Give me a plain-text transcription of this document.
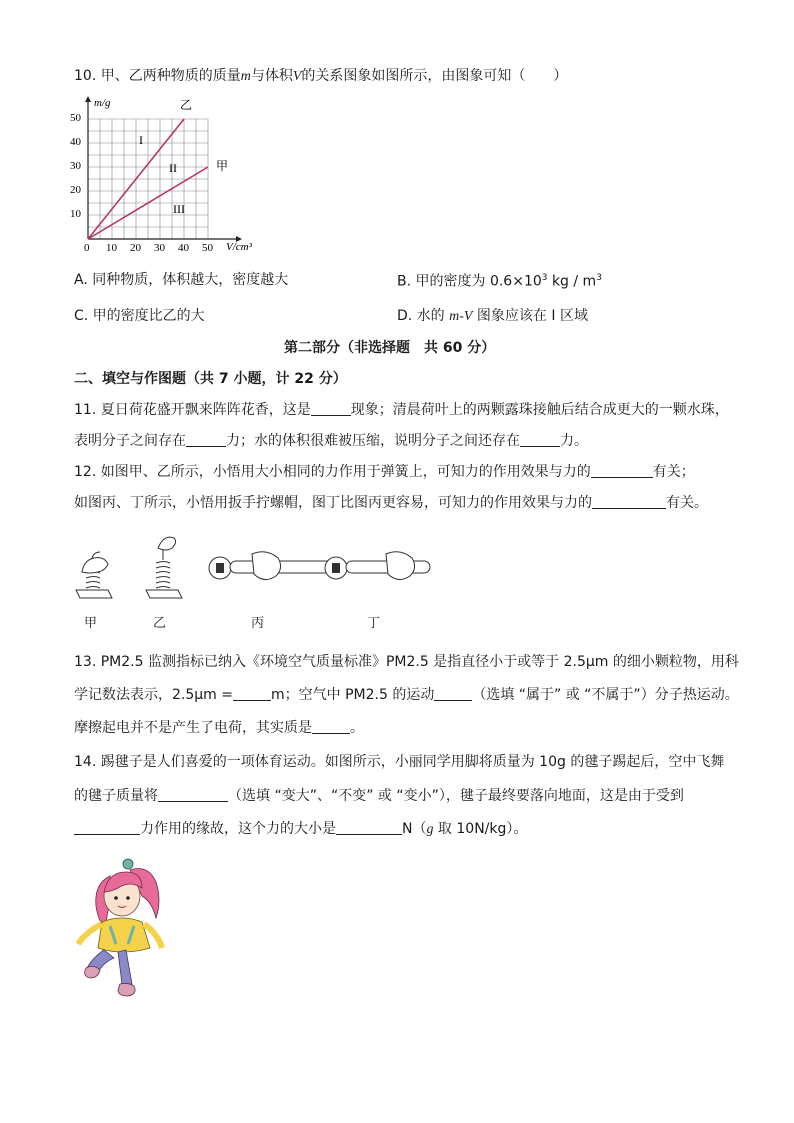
10. 甲、乙两种物质的质量m与体积V的关系图象如图所示，由图象可知（　　）
m/g
V/cm³
0
10
20
30
40
50
10 20 30 40 50
乙
甲
I
II
III
A. 同种物质，体积越大，密度越大	B. 甲的密度为 $0.6\times 10^3$ kg / $m^3$
C. 甲的密度比乙的大	D. 水的 m-V 图象应该在 I 区域
第二部分（非选择题　共 60 分）
二、填空与作图题（共 7 小题，计 22 分）
11. 夏日荷花盛开飘来阵阵花香，这是	现象；清晨荷叶上的两颗露珠接触后结合成更大的一颗水珠，
表明分子之间存在	力；水的体积很难被压缩，说明分子之间还存在	力。
12. 如图甲、乙所示，小悟用大小相同的力作用于弹簧上，可知力的作用效果与力的	有关；
如图丙、丁所示，小悟用扳手拧螺帽，图丁比图丙更容易，可知力的作用效果与力的	有关。
甲	乙	丙	丁
13. PM2.5 监测指标已纳入《环境空气质量标准》PM2.5 是指直径小于或等于 2.5μm 的细小颗粒物，用科
学记数法表示，2.5μm =	m；空气中 PM2.5 的运动	（选填 “属于” 或 “不属于”）分子热运动。
摩擦起电并不是产生了电荷，其实质是	。
14. 踢毽子是人们喜爱的一项体育运动。如图所示，小丽同学用脚将质量为 10g 的毽子踢起后，空中飞舞
的毽子质量将	（选填 “变大”、“不变” 或 “变小”），毽子最终要落向地面，这是由于受到
力作用的缘故，这个力的大小是	N（g 取 10N/kg）。
